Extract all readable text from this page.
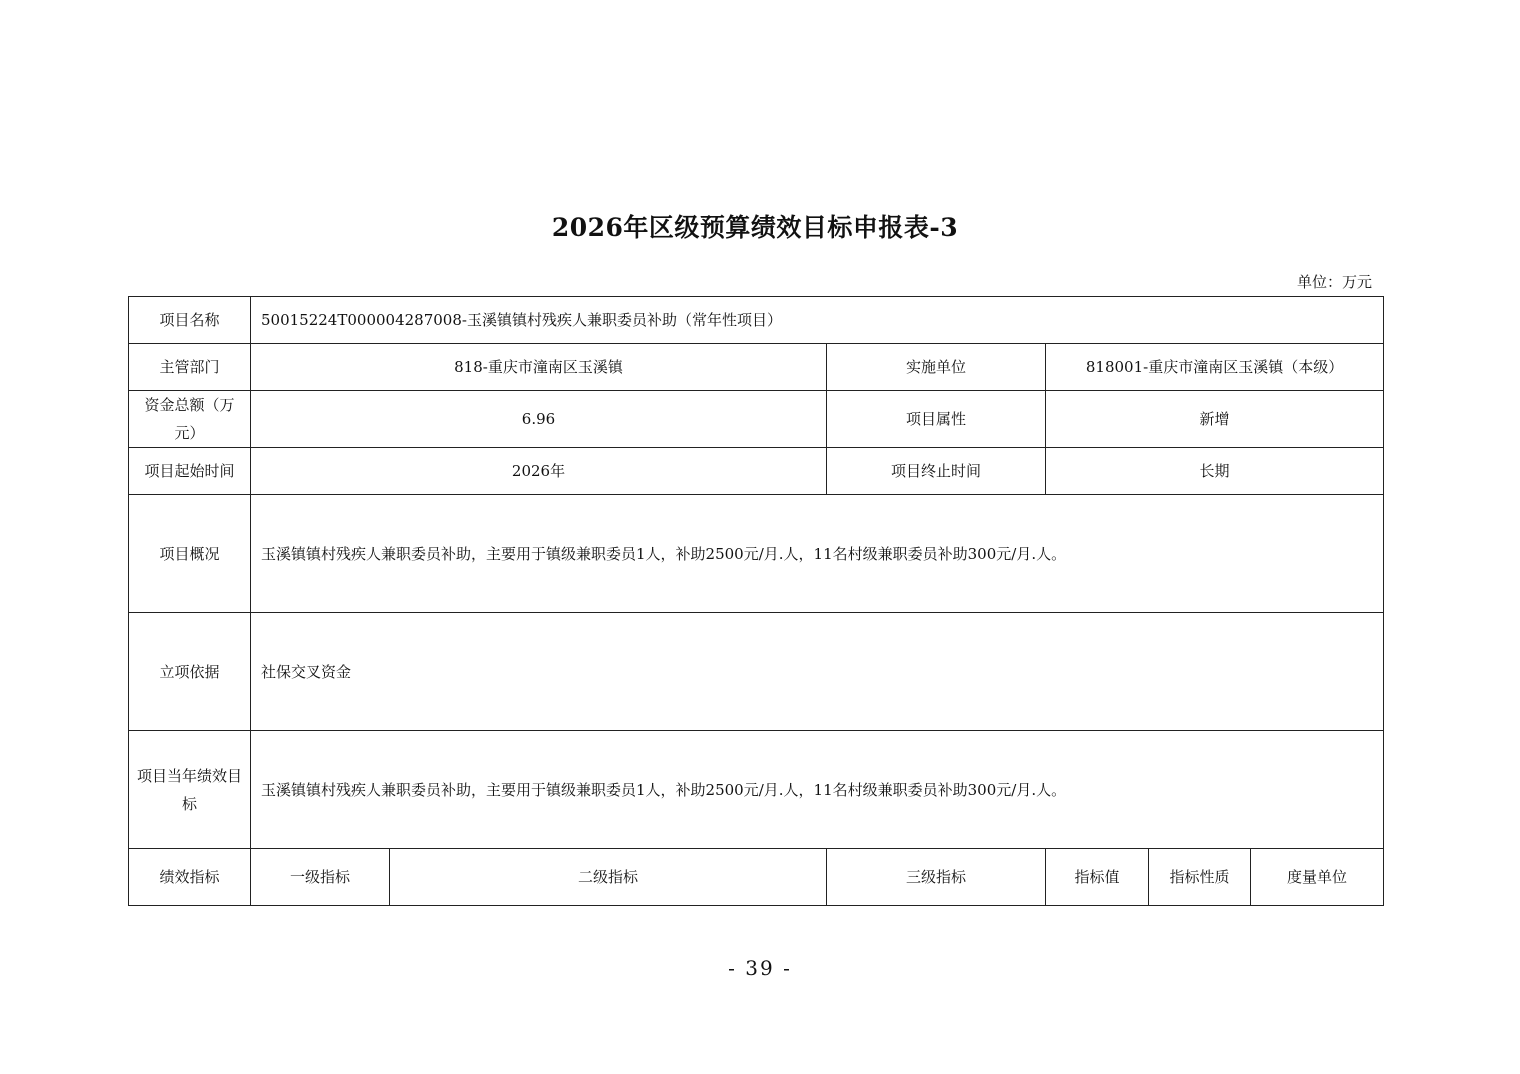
2026年区级预算绩效目标申报表-3
单位：万元
项目名称	50015224T000004287008-玉溪镇镇村残疾人兼职委员补助（常年性项目）						
主管部门	818-重庆市潼南区玉溪镇		实施单位	818001-重庆市潼南区玉溪镇（本级）			
资金总额（万元）	6.96		项目属性	新增			
项目起始时间	2026年		项目终止时间	长期			
项目概况	玉溪镇镇村残疾人兼职委员补助，主要用于镇级兼职委员1人，补助2500元/月.人，11名村级兼职委员补助300元/月.人。						
立项依据	社保交叉资金						
项目当年绩效目标	玉溪镇镇村残疾人兼职委员补助，主要用于镇级兼职委员1人，补助2500元/月.人，11名村级兼职委员补助300元/月.人。						
绩效指标	一级指标	二级指标	三级指标	指标值	指标性质	度量单位	
- 39 -
